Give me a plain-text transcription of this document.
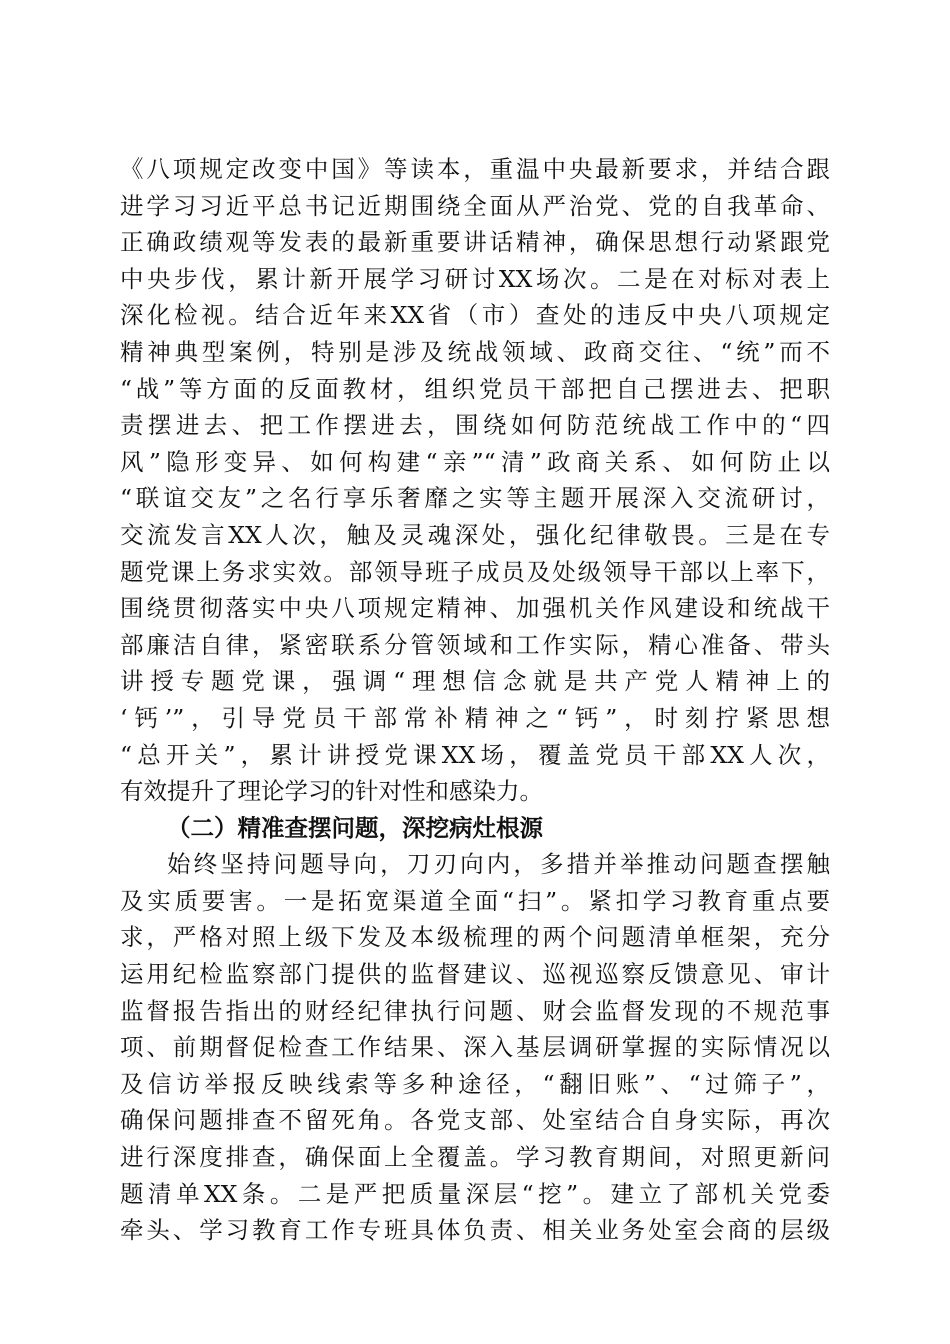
《八项规定改变中国》等读本，重温中央最新要求，并结合跟
进学习习近平总书记近期围绕全面从严治党、党的自我革命、
正确政绩观等发表的最新重要讲话精神，确保思想行动紧跟党
中央步伐，累计新开展学习研讨XX场次。二是在对标对表上
深化检视。结合近年来XX省（市）查处的违反中央八项规定
精神典型案例，特别是涉及统战领域、政商交往、“统”而不
“战”等方面的反面教材，组织党员干部把自己摆进去、把职
责摆进去、把工作摆进去，围绕如何防范统战工作中的“四
风”隐形变异、如何构建“亲”“清”政商关系、如何防止以
“联谊交友”之名行享乐奢靡之实等主题开展深入交流研讨，
交流发言XX人次，触及灵魂深处，强化纪律敬畏。三是在专
题党课上务求实效。部领导班子成员及处级领导干部以上率下，
围绕贯彻落实中央八项规定精神、加强机关作风建设和统战干
部廉洁自律，紧密联系分管领域和工作实际，精心准备、带头
讲授专题党课，强调“理想信念就是共产党人精神上的
‘钙’”，引导党员干部常补精神之“钙”，时刻拧紧思想
“总开关”，累计讲授党课XX场，覆盖党员干部XX人次，
有效提升了理论学习的针对性和感染力。
（二）精准查摆问题，深挖病灶根源
始终坚持问题导向，刀刃向内，多措并举推动问题查摆触
及实质要害。一是拓宽渠道全面“扫”。紧扣学习教育重点要
求，严格对照上级下发及本级梳理的两个问题清单框架，充分
运用纪检监察部门提供的监督建议、巡视巡察反馈意见、审计
监督报告指出的财经纪律执行问题、财会监督发现的不规范事
项、前期督促检查工作结果、深入基层调研掌握的实际情况以
及信访举报反映线索等多种途径，“翻旧账”、“过筛子”，
确保问题排查不留死角。各党支部、处室结合自身实际，再次
进行深度排查，确保面上全覆盖。学习教育期间，对照更新问
题清单XX条。二是严把质量深层“挖”。建立了部机关党委
牵头、学习教育工作专班具体负责、相关业务处室会商的层级
